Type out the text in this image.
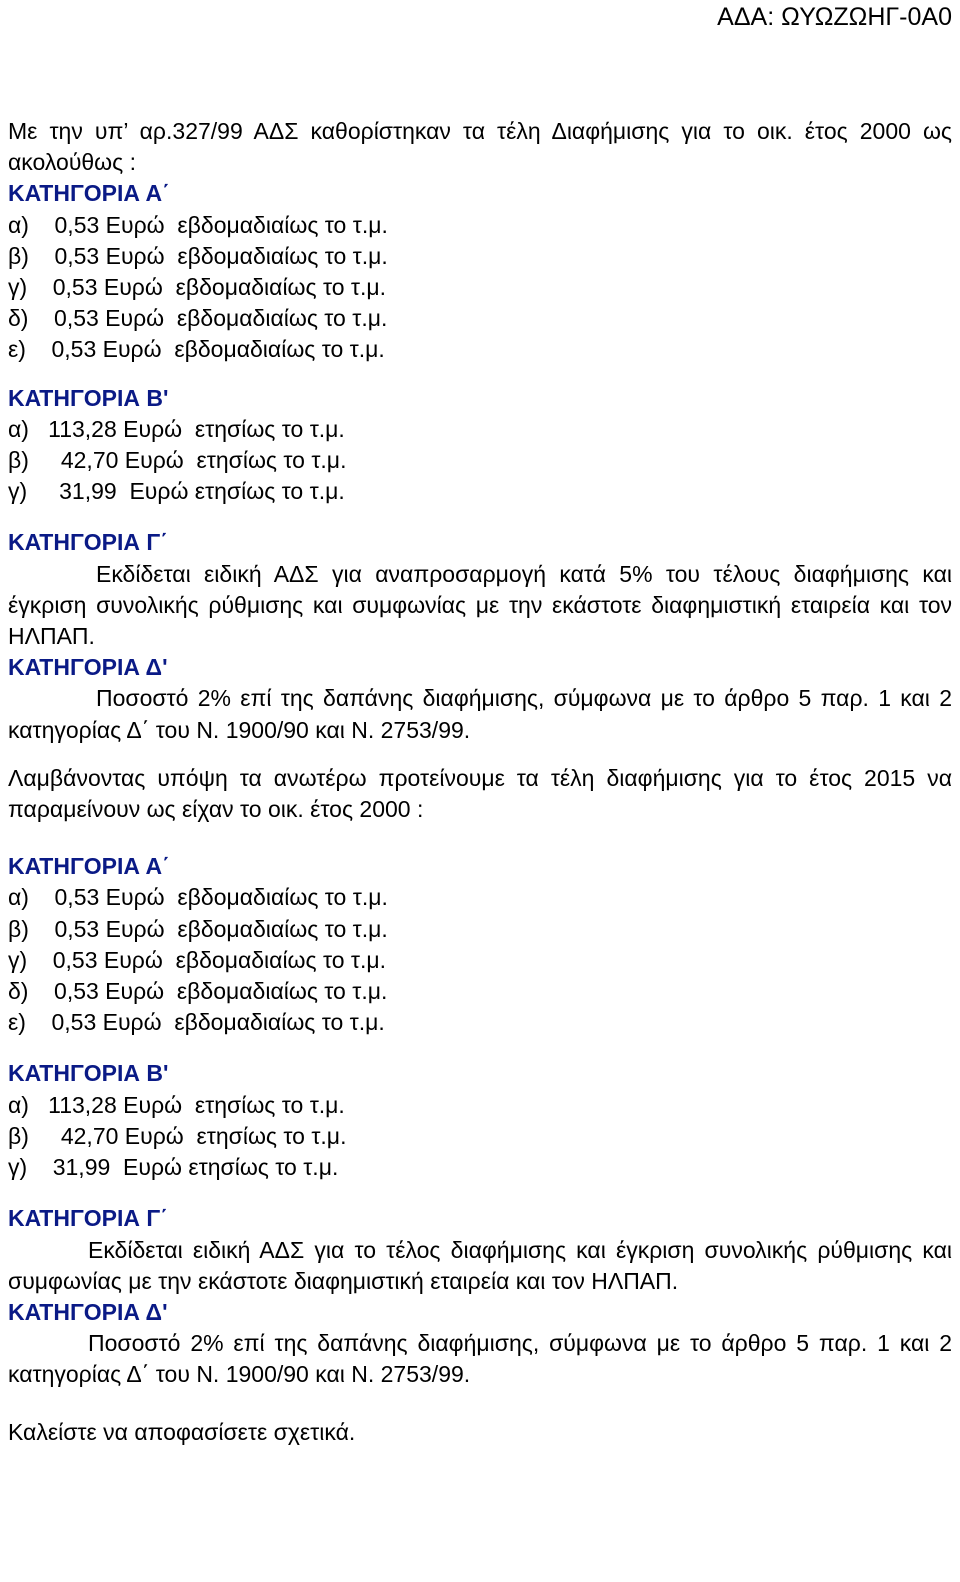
ΑΔΑ: ΩΥΩΖΩΗΓ-0Α0

Με την υπ’ αρ.327/99 ΑΔΣ καθορίστηκαν τα τέλη Διαφήμισης για το οικ. έτος 2000 ως ακολούθως :

ΚΑΤΗΓΟΡΙΑ Α΄
α)    0,53 Ευρώ  εβδομαδιαίως το τ.μ.
β)    0,53 Ευρώ  εβδομαδιαίως το τ.μ.
γ)    0,53 Ευρώ  εβδομαδιαίως το τ.μ.
δ)    0,53 Ευρώ  εβδομαδιαίως το τ.μ.
ε)    0,53 Ευρώ  εβδομαδιαίως το τ.μ.
ΚΑΤΗΓΟΡΙΑ Β'
α)   113,28 Ευρώ  ετησίως το τ.μ.
β)     42,70 Ευρώ  ετησίως το τ.μ.
γ)     31,99  Ευρώ ετησίως το τ.μ.
ΚΑΤΗΓΟΡΙΑ Γ΄

Εκδίδεται ειδική ΑΔΣ για αναπροσαρμογή κατά 5% του τέλους διαφήμισης και έγκριση συνολικής ρύθμισης και συμφωνίας με την εκάστοτε διαφημιστική εταιρεία και τον ΗΛΠΑΠ.

ΚΑΤΗΓΟΡΙΑ Δ'

Ποσοστό 2% επί της δαπάνης διαφήμισης, σύμφωνα με το άρθρο 5 παρ. 1 και 2 κατηγορίας Δ΄ του Ν. 1900/90 και Ν. 2753/99.

Λαμβάνοντας υπόψη τα ανωτέρω προτείνουμε τα τέλη διαφήμισης για το έτος 2015 να παραμείνουν ως είχαν το οικ. έτος 2000 :

ΚΑΤΗΓΟΡΙΑ Α΄
α)    0,53 Ευρώ  εβδομαδιαίως το τ.μ.
β)    0,53 Ευρώ  εβδομαδιαίως το τ.μ.
γ)    0,53 Ευρώ  εβδομαδιαίως το τ.μ.
δ)    0,53 Ευρώ  εβδομαδιαίως το τ.μ.
ε)    0,53 Ευρώ  εβδομαδιαίως το τ.μ.
ΚΑΤΗΓΟΡΙΑ Β'
α)   113,28 Ευρώ  ετησίως το τ.μ.
β)     42,70 Ευρώ  ετησίως το τ.μ.
γ)    31,99  Ευρώ ετησίως το τ.μ.
ΚΑΤΗΓΟΡΙΑ Γ΄

Εκδίδεται ειδική ΑΔΣ για το τέλος διαφήμισης και έγκριση συνολικής ρύθμισης και συμφωνίας με την εκάστοτε διαφημιστική εταιρεία και τον ΗΛΠΑΠ.

ΚΑΤΗΓΟΡΙΑ Δ'

Ποσοστό 2% επί της δαπάνης διαφήμισης, σύμφωνα με το άρθρο 5 παρ. 1 και 2 κατηγορίας Δ΄ του Ν. 1900/90 και Ν. 2753/99.

Καλείστε να αποφασίσετε σχετικά.
